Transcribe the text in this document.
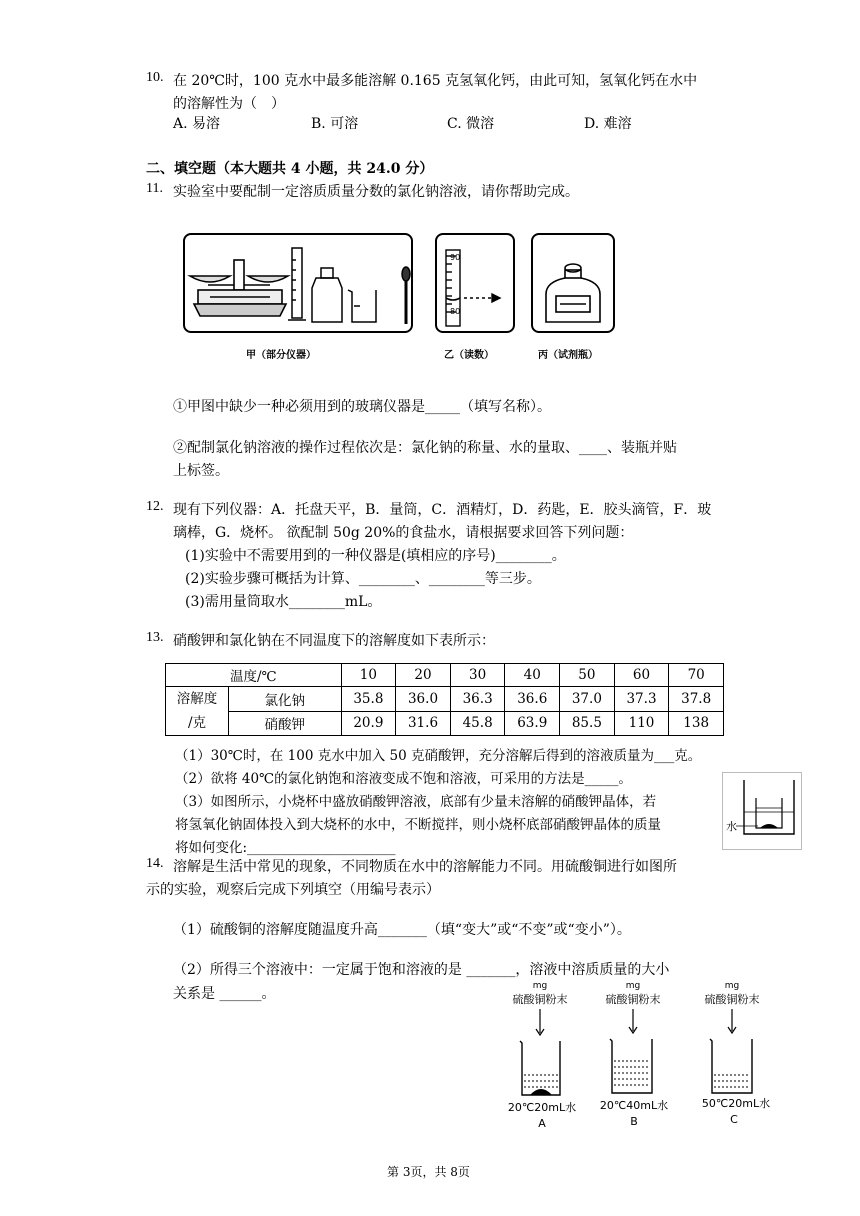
10. 在 20℃时，100 克水中最多能溶解 0.165 克氢氧化钙，由此可知，氢氧化钙在水中
的溶解性为（　）
A. 易溶	B. 可溶	C. 微溶	D. 难溶
二、填空题（本大题共 4 小题，共 24.0 分）
11. 实验室中要配制一定溶质质量分数的氯化钠溶液，请你帮助完成。
90
80
甲（部分仪器）	乙（读数）	丙（试剂瓶）
①甲图中缺少一种必须用到的玻璃仪器是_____（填写名称）。
②配制氯化钠溶液的操作过程依次是：氯化钠的称量、水的量取、____、装瓶并贴
上标签。
12. 现有下列仪器：A．托盘天平，B．量筒，C．酒精灯，D．药匙，E．胶头滴管，F．玻
璃棒，G．烧杯。 欲配制 50g 20%的食盐水，请根据要求回答下列问题：
(1)实验中不需要用到的一种仪器是(填相应的序号)________。
(2)实验步骤可概括为计算、________、________等三步。
(3)需用量筒取水________mL。
13. 硝酸钾和氯化钠在不同温度下的溶解度如下表所示：
温度/℃		10	20	30	40	50	60	70
溶解度
/克	氯化钠	35.8	36.0	36.3	36.6	37.0	37.3	37.8
	硝酸钾	20.9	31.6	45.8	63.9	85.5	110	138
（1）30℃时，在 100 克水中加入 50 克硝酸钾，充分溶解后得到的溶液质量为___克。
（2）欲将 40℃的氯化钠饱和溶液变成不饱和溶液，可采用的方法是_____。
（3）如图所示，小烧杯中盛放硝酸钾溶液，底部有少量未溶解的硝酸钾晶体，若
将氢氧化钠固体投入到大烧杯的水中，不断搅拌，则小烧杯底部硝酸钾晶体的质量
将如何变化:______________________
水
14. 溶解是生活中常见的现象，不同物质在水中的溶解能力不同。用硫酸铜进行如图所
示的实验，观察后完成下列填空（用编号表示）
（1）硫酸铜的溶解度随温度升高_______（填“变大”或“不变”或“变小”）。
（2）所得三个溶液中：一定属于饱和溶液的是 _______，溶液中溶质质量的大小
关系是 ______。	mg
硫酸铜粉末
20℃20mL水
A
mg
硫酸铜粉末
20℃40mL水
B
mg
硫酸铜粉末
50℃20mL水
C
第 3页，共 8页
